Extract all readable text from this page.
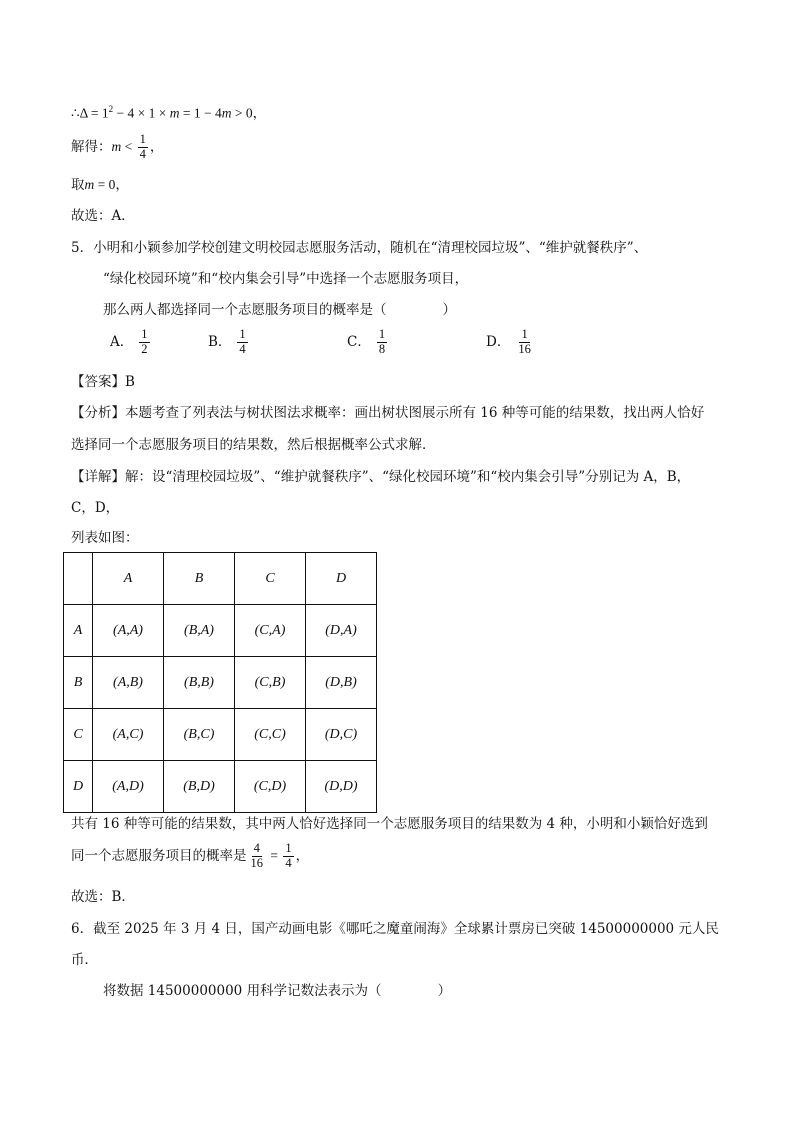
∴Δ = $1^2 - 4 \times 1 \times m = 1 - 4m > 0$，
解得：$m < \frac{1}{4}$ ，
取m = 0，
故选：A．
5．小明和小颖参加学校创建文明校园志愿服务活动，随机在“清理校园垃圾”、“维护就餐秩序”、
“绿化校园环境”和“校内集会引导”中选择一个志愿服务项目，
那么两人都选择同一个志愿服务项目的概率是（	）
A． $\frac{1}{2}$	B． $\frac{1}{4}$	C． $\frac{1}{8}$	D． $\frac{1}{16}$
【答案】B
【分析】本题考查了列表法与树状图法求概率：画出树状图展示所有 16 种等可能的结果数，找出两人恰好
选择同一个志愿服务项目的结果数，然后根据概率公式求解．
【详解】解：设“清理校园垃圾”、“维护就餐秩序”、“绿化校园环境”和“校内集会引导”分别记为 A，B，
C，D，
列表如图：
	A	B	C	D
A	(A,A)	(B,A)	(C,A)	(D,A)
B	(A,B)	(B,B)	(C,B)	(D,B)
C	(A,C)	(B,C)	(C,C)	(D,C)
D	(A,D)	(B,D)	(C,D)	(D,D)
共有 16 种等可能的结果数，其中两人恰好选择同一个志愿服务项目的结果数为 4 种，小明和小颖恰好选到
同一个志愿服务项目的概率是 $\frac{4}{16} = \frac{1}{4}$ ，
故选：B．
6．截至 2025 年 3 月 4 日，国产动画电影《哪吒之魔童闹海》全球累计票房已突破 14500000000 元人民
币．
将数据 14500000000 用科学记数法表示为（	）
